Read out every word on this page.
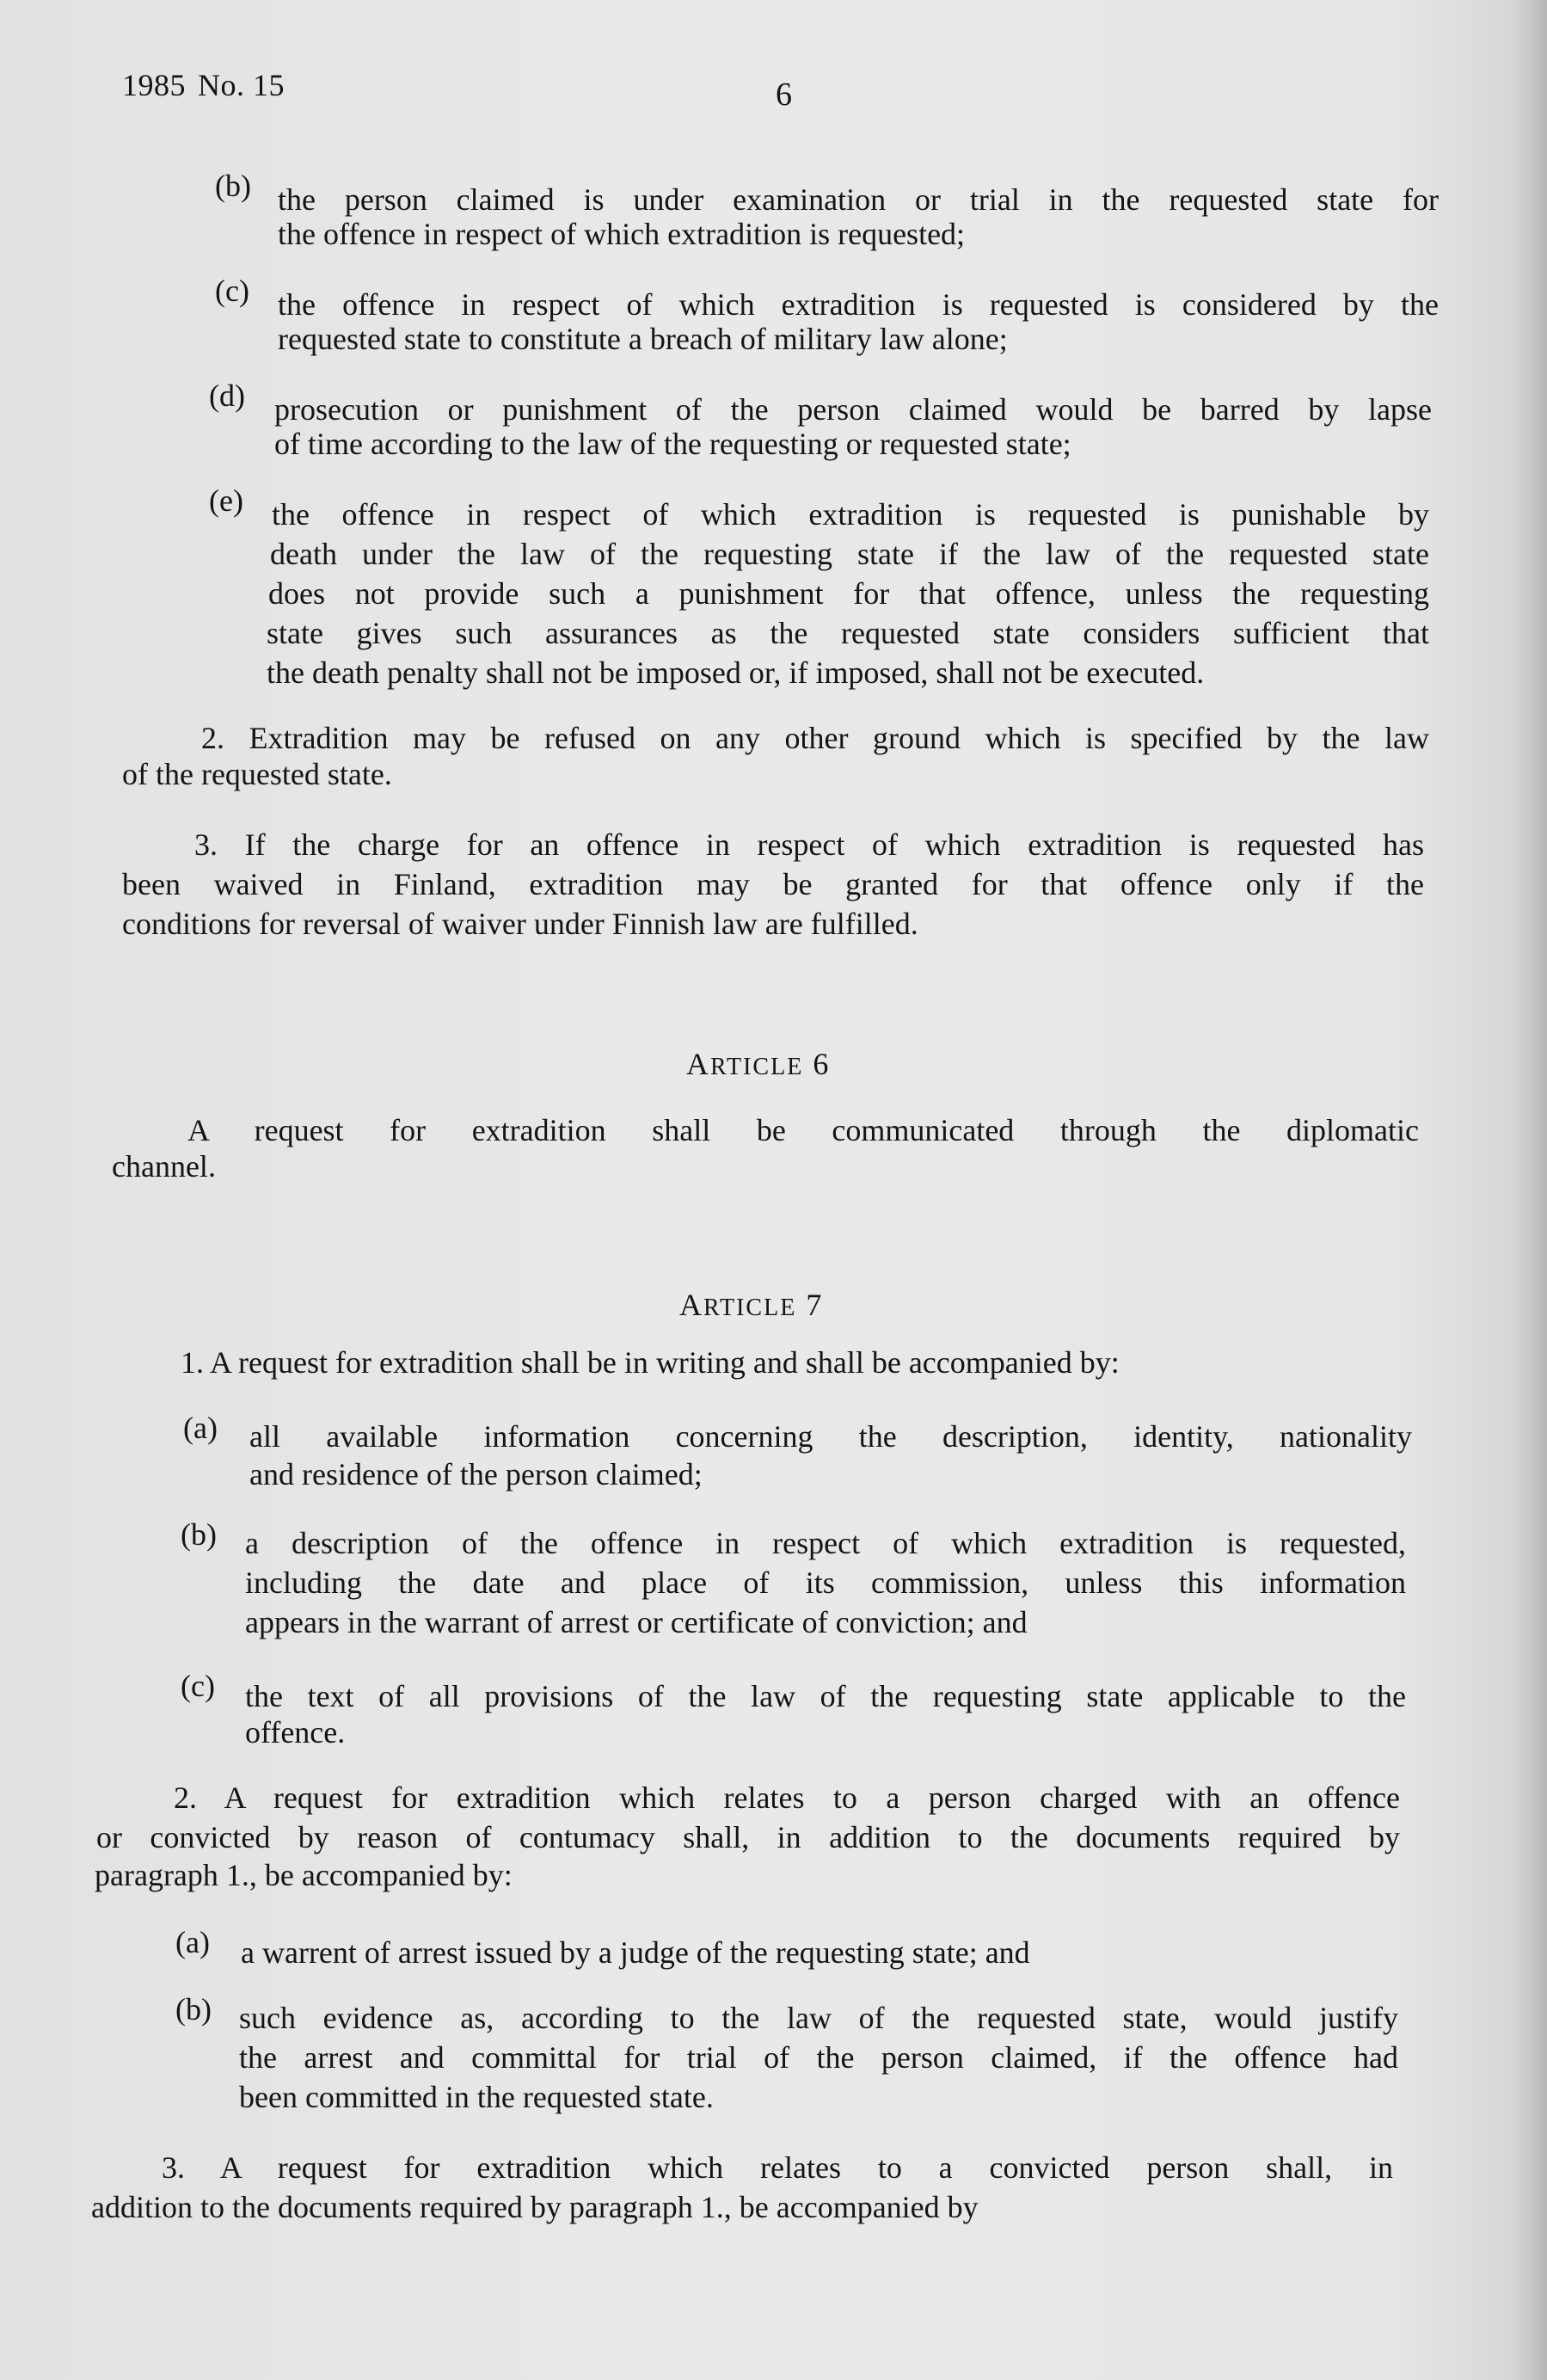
1985 No. 15	6
(b) the person claimed is under examination or trial in the requested state for
the offence in respect of which extradition is requested;
(c) the offence in respect of which extradition is requested is considered by the
requested state to constitute a breach of military law alone;
(d) prosecution or punishment of the person claimed would be barred by lapse
of time according to the law of the requesting or requested state;
(e) the offence in respect of which extradition is requested is punishable by
death under the law of the requesting state if the law of the requested state
does not provide such a punishment for that offence, unless the requesting
state gives such assurances as the requested state considers sufficient that
the death penalty shall not be imposed or, if imposed, shall not be executed.
2. Extradition may be refused on any other ground which is specified by the law
of the requested state.
3. If the charge for an offence in respect of which extradition is requested has
been waived in Finland, extradition may be granted for that offence only if the
conditions for reversal of waiver under Finnish law are fulfilled.
ARTICLE 6
A request for extradition shall be communicated through the diplomatic
channel.
ARTICLE 7
1. A request for extradition shall be in writing and shall be accompanied by:
(a) all available information concerning the description, identity, nationality
and residence of the person claimed;
(b) a description of the offence in respect of which extradition is requested,
including the date and place of its commission, unless this information
appears in the warrant of arrest or certificate of conviction; and
(c) the text of all provisions of the law of the requesting state applicable to the
offence.
2. A request for extradition which relates to a person charged with an offence
or convicted by reason of contumacy shall, in addition to the documents required by
paragraph 1., be accompanied by:
(a) a warrent of arrest issued by a judge of the requesting state; and
(b) such evidence as, according to the law of the requested state, would justify
the arrest and committal for trial of the person claimed, if the offence had
been committed in the requested state.
3. A request for extradition which relates to a convicted person shall, in
addition to the documents required by paragraph 1., be accompanied by
